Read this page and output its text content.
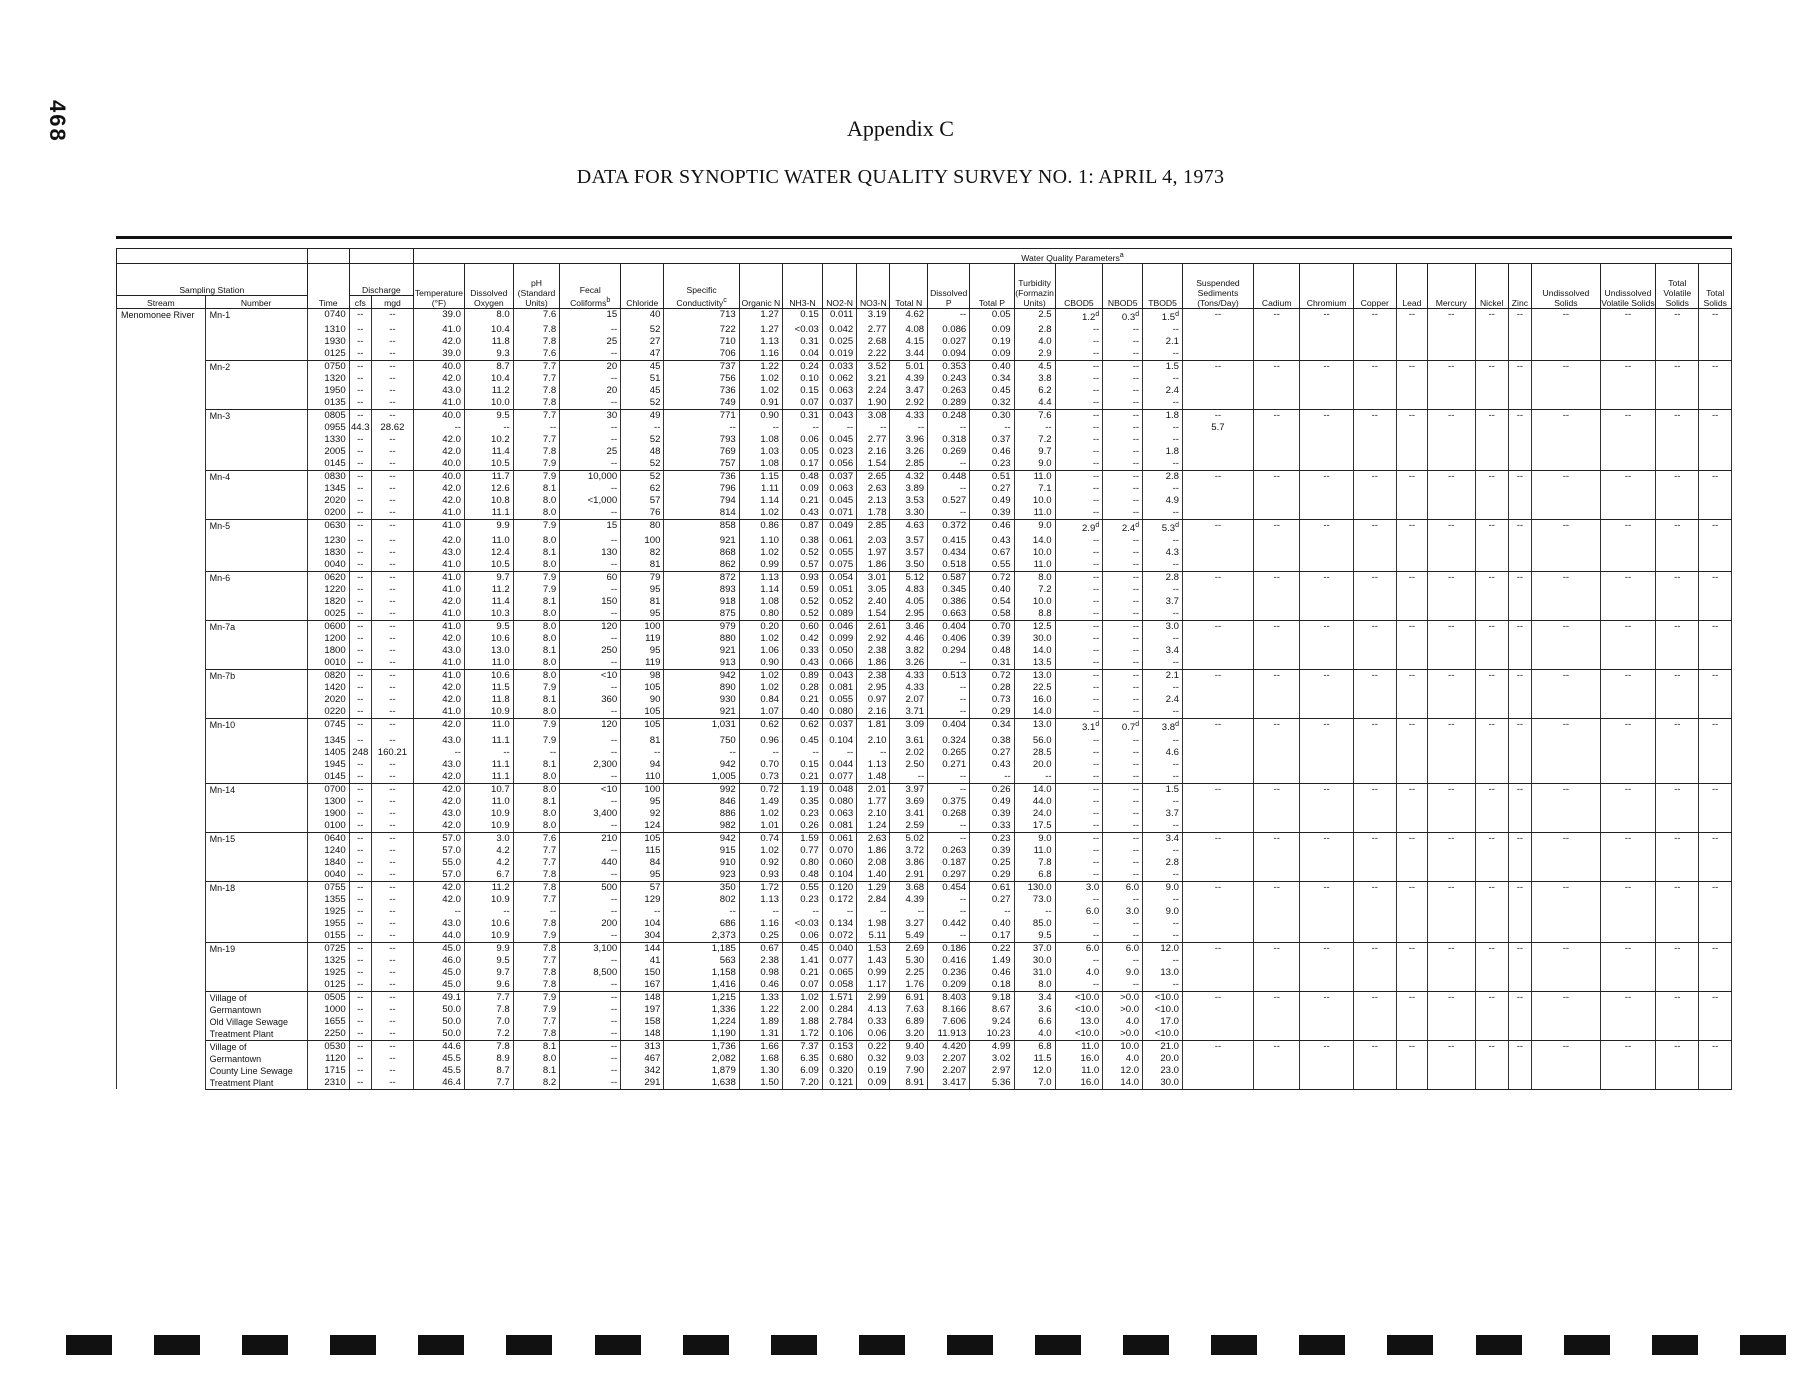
468	Appendix C
DATA FOR SYNOPTIC WATER QUALITY SURVEY NO. 1: APRIL 4, 1973
					Water Quality Parameters$^a$
Sampling Station			Discharge		Temperature (°F)	Dissolved Oxygen	pH (Standard Units)	Fecal Coliforms$^b$	Chloride	Specific Conductivity$^c$	Organic N	NH3-N	NO2-N	NO3-N	Total N	Dissolved P	Total P	Turbidity (Formazin Units)	CBOD5	NBOD5	TBOD5	Suspended Sediments (Tons/Day)	Cadium	Chromium	Copper	Lead	Mercury	Nickel	Zinc	Undissolved Solids	Undissolved Volatile Solids	Total Volatile Solids	Total Solids
Stream	Number	Time	cfs	mgd																													
Menomonee River	Mn-1	0740	--	--	39.0	8.0	7.6	15	40	713	1.27	0.15	0.011	3.19	4.62	--	0.05	2.5	1.2$^d$	0.3$^d$	1.5$^d$	--	--	--	--	--	--	--	--	--	--	--	--
		1310	--	--	41.0	10.4	7.8	--	52	722	1.27	<0.03	0.042	2.77	4.08	0.086	0.09	2.8	--	--	--												
		1930	--	--	42.0	11.8	7.8	25	27	710	1.13	0.31	0.025	2.68	4.15	0.027	0.19	4.0	--	--	2.1												
		0125	--	--	39.0	9.3	7.6	--	47	706	1.16	0.04	0.019	2.22	3.44	0.094	0.09	2.9	--	--	--												
	Mn-2	0750	--	--	40.0	8.7	7.7	20	45	737	1.22	0.24	0.033	3.52	5.01	0.353	0.40	4.5	--	--	1.5	--	--	--	--	--	--	--	--	--	--	--	--
		1320	--	--	42.0	10.4	7.7	--	51	756	1.02	0.10	0.062	3.21	4.39	0.243	0.34	3.8	--	--	--												
		1950	--	--	43.0	11.2	7.8	20	45	736	1.02	0.15	0.063	2.24	3.47	0.263	0.45	6.2	--	--	2.4												
		0135	--	--	41.0	10.0	7.8	--	52	749	0.91	0.07	0.037	1.90	2.92	0.289	0.32	4.4	--	--	--												
	Mn-3	0805	--	--	40.0	9.5	7.7	30	49	771	0.90	0.31	0.043	3.08	4.33	0.248	0.30	7.6	--	--	1.8	--	--	--	--	--	--	--	--	--	--	--	--
		0955	44.3	28.62	--	--	--	--	--	--	--	--	--	--	--	--	--	--	--	--	--	5.7											
		1330	--	--	42.0	10.2	7.7	--	52	793	1.08	0.06	0.045	2.77	3.96	0.318	0.37	7.2	--	--	--												
		2005	--	--	42.0	11.4	7.8	25	48	769	1.03	0.05	0.023	2.16	3.26	0.269	0.46	9.7	--	--	1.8												
		0145	--	--	40.0	10.5	7.9	--	52	757	1.08	0.17	0.056	1.54	2.85	--	0.23	9.0	--	--	--												
	Mn-4	0830	--	--	40.0	11.7	7.9	10,000	52	736	1.15	0.48	0.037	2.65	4.32	0.448	0.51	11.0	--	--	2.8	--	--	--	--	--	--	--	--	--	--	--	--
		1345	--	--	42.0	12.6	8.1	--	62	796	1.11	0.09	0.063	2.63	3.89	--	0.27	7.1	--	--	--												
		2020	--	--	42.0	10.8	8.0	<1,000	57	794	1.14	0.21	0.045	2.13	3.53	0.527	0.49	10.0	--	--	4.9												
		0200	--	--	41.0	11.1	8.0	--	76	814	1.02	0.43	0.071	1.78	3.30	--	0.39	11.0	--	--	--												
	Mn-5	0630	--	--	41.0	9.9	7.9	15	80	858	0.86	0.87	0.049	2.85	4.63	0.372	0.46	9.0	2.9$^d$	2.4$^d$	5.3$^d$	--	--	--	--	--	--	--	--	--	--	--	--
		1230	--	--	42.0	11.0	8.0	--	100	921	1.10	0.38	0.061	2.03	3.57	0.415	0.43	14.0	--	--	--												
		1830	--	--	43.0	12.4	8.1	130	82	868	1.02	0.52	0.055	1.97	3.57	0.434	0.67	10.0	--	--	4.3												
		0040	--	--	41.0	10.5	8.0	--	81	862	0.99	0.57	0.075	1.86	3.50	0.518	0.55	11.0	--	--	--												
	Mn-6	0620	--	--	41.0	9.7	7.9	60	79	872	1.13	0.93	0.054	3.01	5.12	0.587	0.72	8.0	--	--	2.8	--	--	--	--	--	--	--	--	--	--	--	--
		1220	--	--	41.0	11.2	7.9	--	95	893	1.14	0.59	0.051	3.05	4.83	0.345	0.40	7.2	--	--	--												
		1820	--	--	42.0	11.4	8.1	150	81	918	1.08	0.52	0.052	2.40	4.05	0.386	0.54	10.0	--	--	3.7												
		0025	--	--	41.0	10.3	8.0	--	95	875	0.80	0.52	0.089	1.54	2.95	0.663	0.58	8.8	--	--	--												
	Mn-7a	0600	--	--	41.0	9.5	8.0	120	100	979	0.20	0.60	0.046	2.61	3.46	0.404	0.70	12.5	--	--	3.0	--	--	--	--	--	--	--	--	--	--	--	--
		1200	--	--	42.0	10.6	8.0	--	119	880	1.02	0.42	0.099	2.92	4.46	0.406	0.39	30.0	--	--	--												
		1800	--	--	43.0	13.0	8.1	250	95	921	1.06	0.33	0.050	2.38	3.82	0.294	0.48	14.0	--	--	3.4												
		0010	--	--	41.0	11.0	8.0	--	119	913	0.90	0.43	0.066	1.86	3.26	--	0.31	13.5	--	--	--												
	Mn-7b	0820	--	--	41.0	10.6	8.0	<10	98	942	1.02	0.89	0.043	2.38	4.33	0.513	0.72	13.0	--	--	2.1	--	--	--	--	--	--	--	--	--	--	--	--
		1420	--	--	42.0	11.5	7.9	--	105	890	1.02	0.28	0.081	2.95	4.33	--	0.28	22.5	--	--	--												
		2020	--	--	42.0	11.8	8.1	360	90	930	0.84	0.21	0.055	0.97	2.07	--	0.73	16.0	--	--	2.4												
		0220	--	--	41.0	10.9	8.0	--	105	921	1.07	0.40	0.080	2.16	3.71	--	0.29	14.0	--	--	--												
	Mn-10	0745	--	--	42.0	11.0	7.9	120	105	1,031	0.62	0.62	0.037	1.81	3.09	0.404	0.34	13.0	3.1$^d$	0.7$^d$	3.8$^d$	--	--	--	--	--	--	--	--	--	--	--	--
		1345	--	--	43.0	11.1	7.9	--	81	750	0.96	0.45	0.104	2.10	3.61	0.324	0.38	56.0	--	--	--												
		1405	248	160.21	--	--	--	--	--	--	--	--	--	--	2.02	0.265	0.27	28.5	--	--	4.6												
		1945	--	--	43.0	11.1	8.1	2,300	94	942	0.70	0.15	0.044	1.13	2.50	0.271	0.43	20.0	--	--	--												
		0145	--	--	42.0	11.1	8.0	--	110	1,005	0.73	0.21	0.077	1.48	--	--	--	--	--	--	--												
	Mn-14	0700	--	--	42.0	10.7	8.0	<10	100	992	0.72	1.19	0.048	2.01	3.97	--	0.26	14.0	--	--	1.5	--	--	--	--	--	--	--	--	--	--	--	--
		1300	--	--	42.0	11.0	8.1	--	95	846	1.49	0.35	0.080	1.77	3.69	0.375	0.49	44.0	--	--	--												
		1900	--	--	43.0	10.9	8.0	3,400	92	886	1.02	0.23	0.063	2.10	3.41	0.268	0.39	24.0	--	--	3.7												
		0100	--	--	42.0	10.9	8.0	--	124	982	1.01	0.26	0.081	1.24	2.59	--	0.33	17.5	--	--	--												
	Mn-15	0640	--	--	57.0	3.0	7.6	210	105	942	0.74	1.59	0.061	2.63	5.02	--	0.23	9.0	--	--	3.4	--	--	--	--	--	--	--	--	--	--	--	--
		1240	--	--	57.0	4.2	7.7	--	115	915	1.02	0.77	0.070	1.86	3.72	0.263	0.39	11.0	--	--	--												
		1840	--	--	55.0	4.2	7.7	440	84	910	0.92	0.80	0.060	2.08	3.86	0.187	0.25	7.8	--	--	2.8												
		0040	--	--	57.0	6.7	7.8	--	95	923	0.93	0.48	0.104	1.40	2.91	0.297	0.29	6.8	--	--	--												
	Mn-18	0755	--	--	42.0	11.2	7.8	500	57	350	1.72	0.55	0.120	1.29	3.68	0.454	0.61	130.0	3.0	6.0	9.0	--	--	--	--	--	--	--	--	--	--	--	--
		1355	--	--	42.0	10.9	7.7	--	129	802	1.13	0.23	0.172	2.84	4.39	--	0.27	73.0	--	--	--												
		1925	--	--	--	--	--	--	--	--	--	--	--	--	--	--	--	--	6.0	3.0	9.0												
		1955	--	--	43.0	10.6	7.8	200	104	686	1.16	<0.03	0.134	1.98	3.27	0.442	0.40	85.0	--	--	--												
		0155	--	--	44.0	10.9	7.9	--	304	2,373	0.25	0.06	0.072	5.11	5.49	--	0.17	9.5	--	--	--												
	Mn-19	0725	--	--	45.0	9.9	7.8	3,100	144	1,185	0.67	0.45	0.040	1.53	2.69	0.186	0.22	37.0	6.0	6.0	12.0	--	--	--	--	--	--	--	--	--	--	--	--
		1325	--	--	46.0	9.5	7.7	--	41	563	2.38	1.41	0.077	1.43	5.30	0.416	1.49	30.0	--	--	--												
		1925	--	--	45.0	9.7	7.8	8,500	150	1,158	0.98	0.21	0.065	0.99	2.25	0.236	0.46	31.0	4.0	9.0	13.0												
		0125	--	--	45.0	9.6	7.8	--	167	1,416	0.46	0.07	0.058	1.17	1.76	0.209	0.18	8.0	--	--	--												
	Village of	0505	--	--	49.1	7.7	7.9	--	148	1,215	1.33	1.02	1.571	2.99	6.91	8.403	9.18	3.4	<10.0	>0.0	<10.0	--	--	--	--	--	--	--	--	--	--	--	--
	Germantown	1000	--	--	50.0	7.8	7.9	--	197	1,336	1.22	2.00	0.284	4.13	7.63	8.166	8.67	3.6	<10.0	>0.0	<10.0												
	Old Village Sewage	1655	--	--	50.0	7.0	7.7	--	158	1,224	1.89	1.88	2.784	0.33	6.89	7.606	9.24	6.6	13.0	4.0	17.0												
	Treatment Plant	2250	--	--	50.0	7.2	7.8	--	148	1,190	1.31	1.72	0.106	0.06	3.20	11.913	10.23	4.0	<10.0	>0.0	<10.0												
	Village of	0530	--	--	44.6	7.8	8.1	--	313	1,736	1.66	7.37	0.153	0.22	9.40	4.420	4.99	6.8	11.0	10.0	21.0	--	--	--	--	--	--	--	--	--	--	--	--
	Germantown	1120	--	--	45.5	8.9	8.0	--	467	2,082	1.68	6.35	0.680	0.32	9.03	2.207	3.02	11.5	16.0	4.0	20.0												
	County Line Sewage	1715	--	--	45.5	8.7	8.1	--	342	1,879	1.30	6.09	0.320	0.19	7.90	2.207	2.97	12.0	11.0	12.0	23.0												
	Treatment Plant	2310	--	--	46.4	7.7	8.2	--	291	1,638	1.50	7.20	0.121	0.09	8.91	3.417	5.36	7.0	16.0	14.0	30.0												
